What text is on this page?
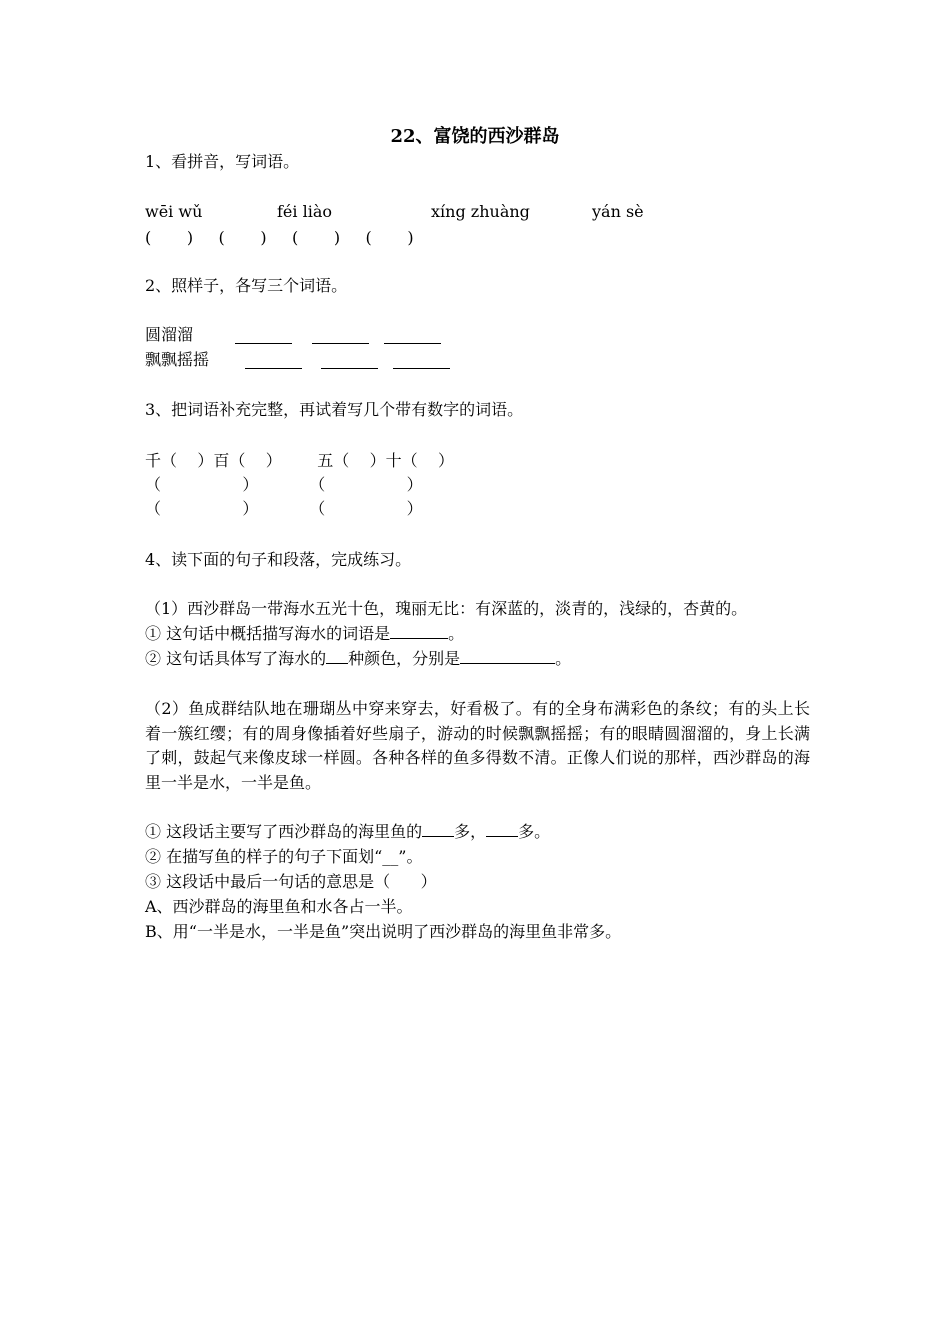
22、富饶的西沙群岛
1、看拼音，写词语。
wēi wǔ	féi liào	xíng zhuàng	yán sè
(       )     (       )     (       )     (       )
2、照样子，各写三个词语。
圆溜溜
飘飘摇摇
3、把词语补充完整，再试着写几个带有数字的词语。
千（    ）百（    ）       五（    ）十（    ）
（                ）          （                ）
（                ）          （                ）
4、读下面的句子和段落，完成练习。
（1）西沙群岛一带海水五光十色，瑰丽无比：有深蓝的，淡青的，浅绿的，杏黄的。
① 这句话中概括描写海水的词语是	。
② 这句话具体写了海水的 种颜色，分别是	。
（2）鱼成群结队地在珊瑚丛中穿来穿去，好看极了。有的全身布满彩色的条纹；有的头上长着一簇红缨；有的周身像插着好些扇子，游动的时候飘飘摇摇；有的眼睛圆溜溜的，身上长满了刺，鼓起气来像皮球一样圆。各种各样的鱼多得数不清。正像人们说的那样，西沙群岛的海里一半是水，一半是鱼。
① 这段话主要写了西沙群岛的海里鱼的 多， 多。
② 在描写鱼的样子的句子下面划“__”。
③ 这段话中最后一句话的意思是（      ）
A、西沙群岛的海里鱼和水各占一半。
B、用“一半是水，一半是鱼”突出说明了西沙群岛的海里鱼非常多。
